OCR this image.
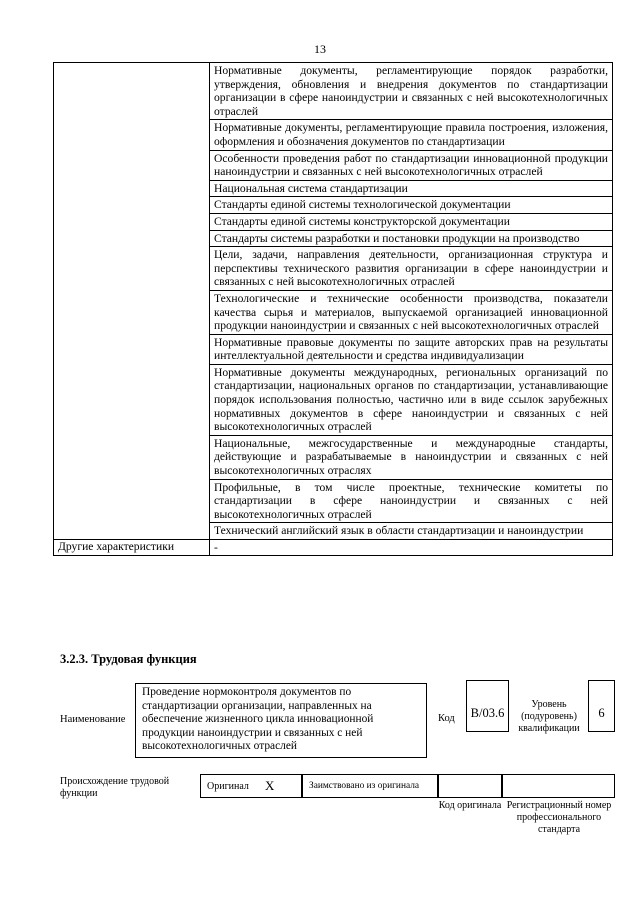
13
	Нормативные документы, регламентирующие порядок разработки, утверждения, обновления и внедрения документов по стандартизации организации в сфере наноиндустрии и связанных с ней высокотехнологичных отраслей
	Нормативные документы, регламентирующие правила построения, изложения, оформления и обозначения документов по стандартизации
	Особенности проведения работ по стандартизации инновационной продукции наноиндустрии и связанных с ней высокотехнологичных отраслей
	Национальная система стандартизации
	Стандарты единой системы технологической документации
	Стандарты единой системы конструкторской документации
	Стандарты системы разработки и постановки продукции на производство
	Цели, задачи, направления деятельности, организационная структура и перспективы технического развития организации в сфере наноиндустрии и связанных с ней высокотехнологичных отраслей
	Технологические и технические особенности производства, показатели качества сырья и материалов, выпускаемой организацией инновационной продукции наноиндустрии и связанных с ней высокотехнологичных отраслей
	Нормативные правовые документы по защите авторских прав на результаты интеллектуальной деятельности и средства индивидуализации
	Нормативные документы международных, региональных организаций по стандартизации, национальных органов по стандартизации, устанавливающие порядок использования полностью, частично или в виде ссылок зарубежных нормативных документов в сфере наноиндустрии и связанных с ней высокотехнологичных отраслей
	Национальные, межгосударственные и международные стандарты, действующие и разрабатываемые в наноиндустрии и связанных с ней высокотехнологичных отраслях
	Профильные, в том числе проектные, технические комитеты по стандартизации в сфере наноиндустрии и связанных с ней высокотехнологичных отраслей
	Технический английский язык в области стандартизации и наноиндустрии
Другие характеристики	-
3.2.3. Трудовая функция
Наименование
Проведение нормоконтроля документов по стандартизации организации, направленных на обеспечение жизненного цикла инновационной продукции наноиндустрии и связанных с ней высокотехнологичных отраслей
Код	B/03.6
Уровень (подуровень) квалификации
6
Происхождение трудовой функции
Оригинал X	Заимствовано из оригинала
Код оригинала Регистрационный номер профессионального стандарта
